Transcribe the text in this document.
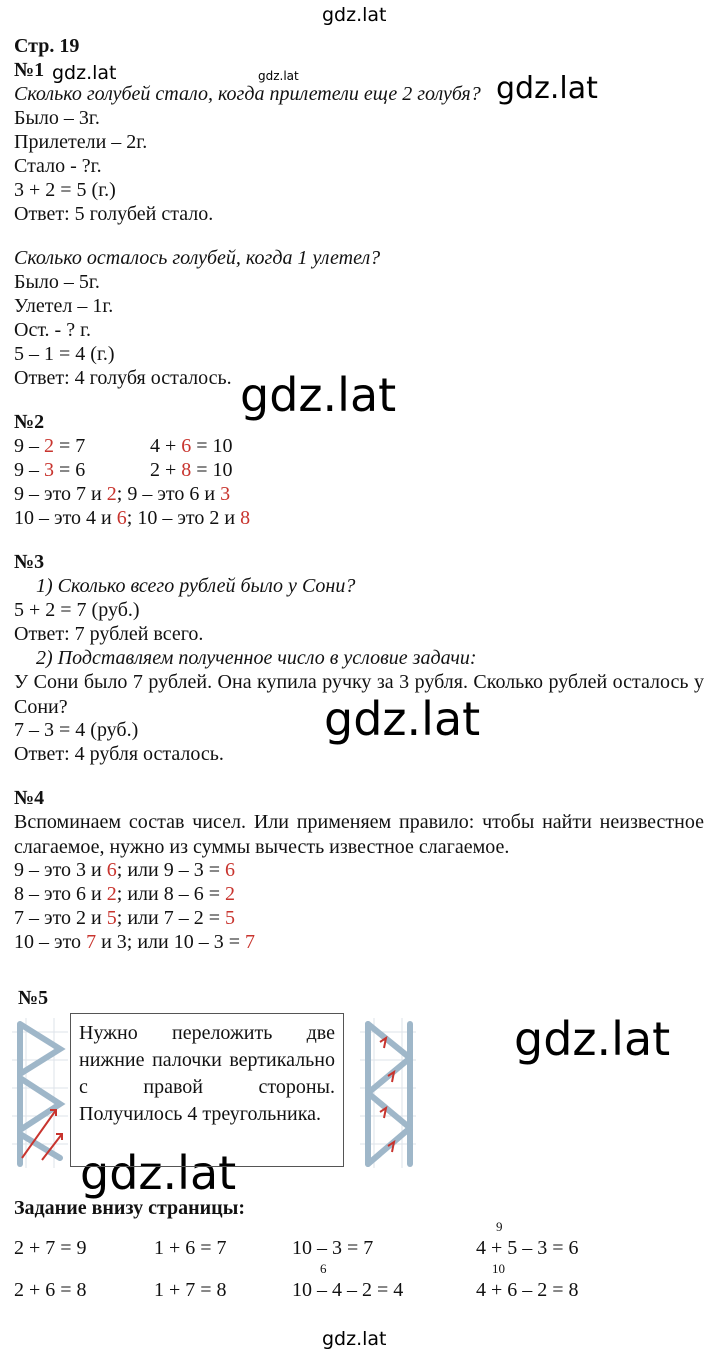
gdz.lat
gdz.lat	gdz.lat	gdz.lat
gdz.lat
gdz.lat
gdz.lat
gdz.lat
gdz.lat
Стр. 19
№1
Сколько голубей стало, когда прилетели еще 2 голубя?
Было – 3г.
Прилетели – 2г.
Стало - ?г.
3 + 2 = 5 (г.)
Ответ: 5 голубей стало.
Сколько осталось голубей, когда 1 улетел?
Было – 5г.
Улетел – 1г.
Ост. - ? г.
5 – 1 = 4 (г.)
Ответ: 4 голубя осталось.
№2
9 – 2 = 7	4 + 6 = 10
9 – 3 = 6	2 + 8 = 10
9 – это 7 и 2; 9 – это 6 и 3
10 – это 4 и 6; 10 – это 2 и 8
№3
1) Сколько всего рублей было у Сони?
5 + 2 = 7 (руб.)
Ответ: 7 рублей всего.
2) Подставляем полученное число в условие задачи:
У Сони было 7 рублей. Она купила ручку за 3 рубля. Сколько рублей осталось у Сони?
7 – 3 = 4 (руб.)
Ответ: 4 рубля осталось.
№4
Вспоминаем состав чисел. Или применяем правило: чтобы найти неизвестное слагаемое, нужно из суммы вычесть известное слагаемое.
9 – это 3 и 6; или 9 – 3 = 6
8 – это 6 и 2; или 8 – 6 = 2
7 – это 2 и 5; или 7 – 2 = 5
10 – это 7 и 3; или 10 – 3 = 7
№5
Нужно переложить две нижние палочки вертикально с правой стороны. Получилось 4 треугольника.
Задание внизу страницы:
9
2 + 7 = 9	1 + 6 = 7	10 – 3 = 7	4 + 5 – 3 = 6
6	10
2 + 6 = 8	1 + 7 = 8	10 – 4 – 2 = 4	4 + 6 – 2 = 8
